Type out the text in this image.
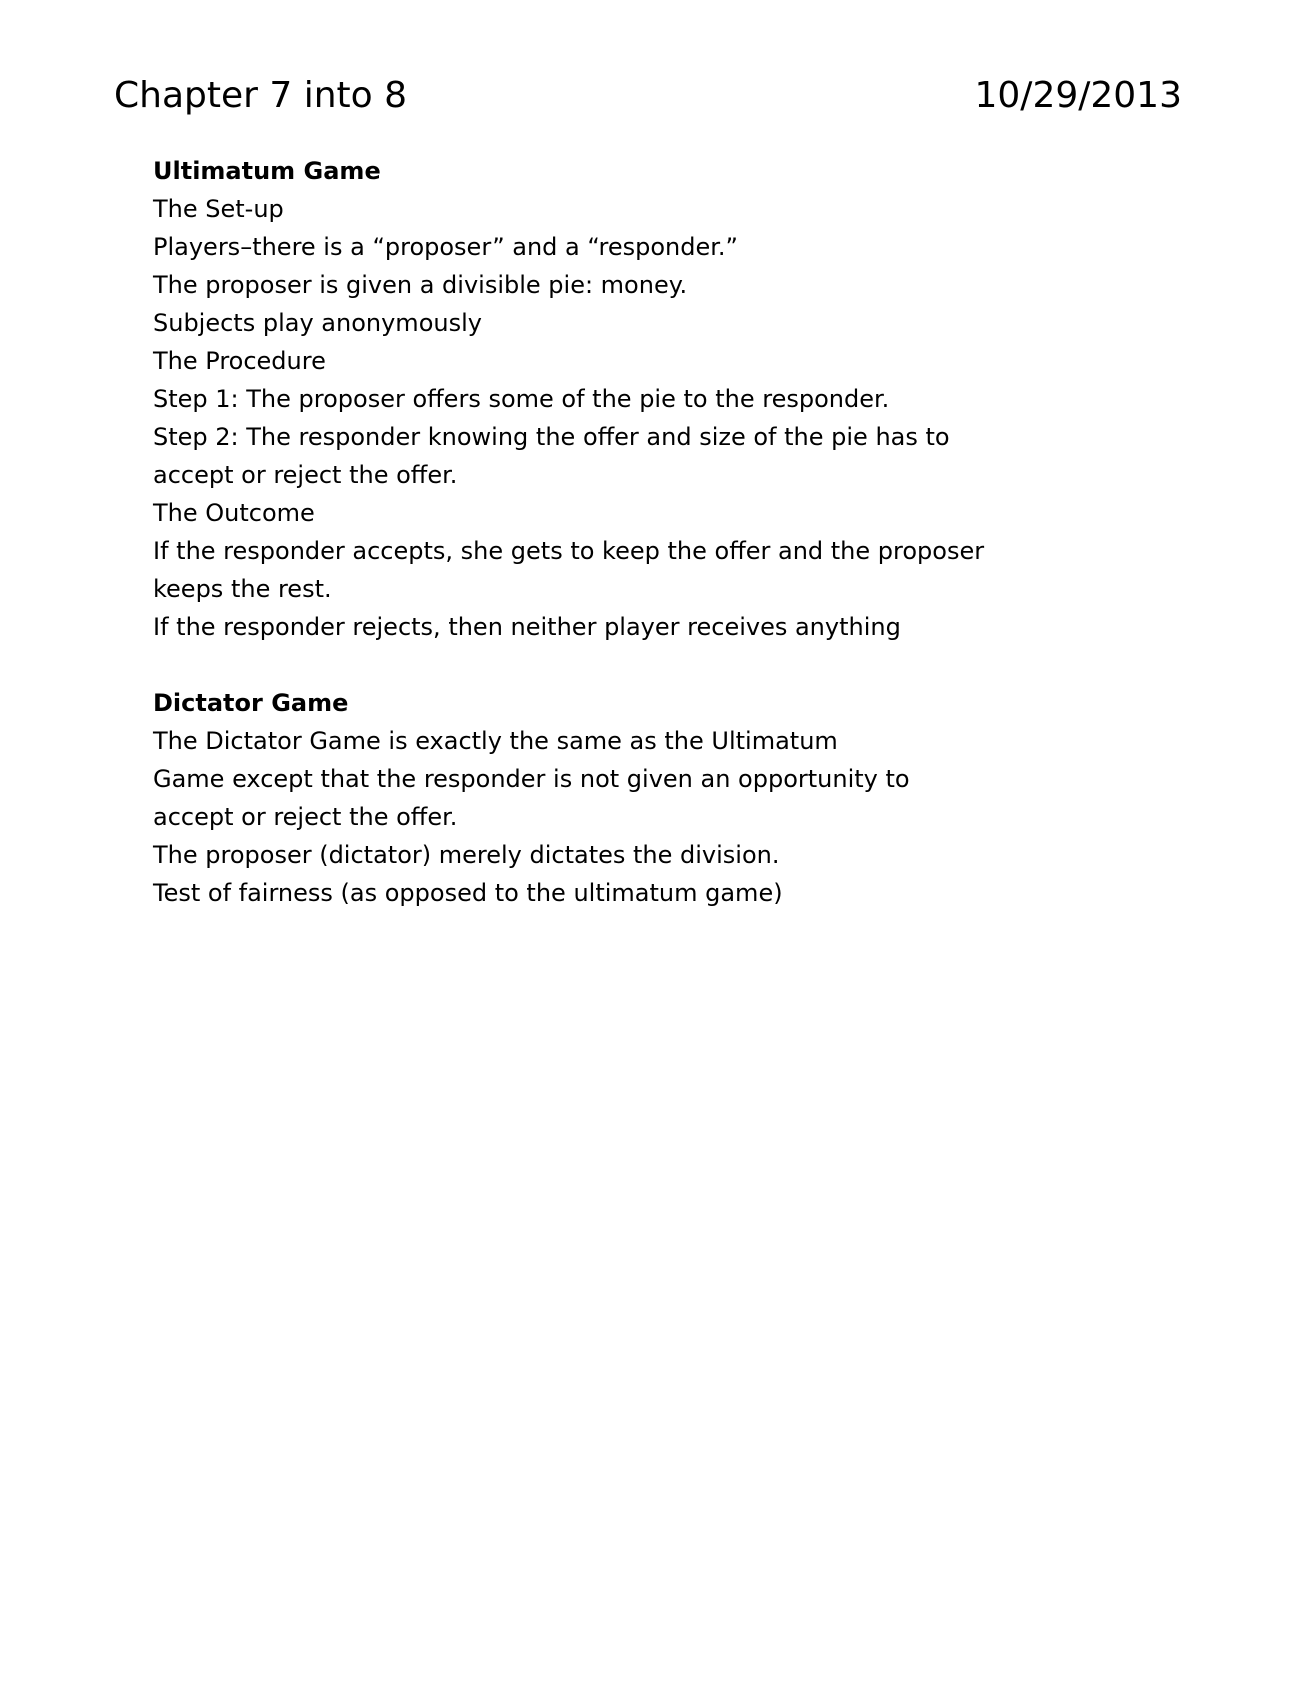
Chapter 7 into 8	10/29/2013

Ultimatum Game

The Set-up

Players–there is a “proposer” and a “responder.”

The proposer is given a divisible pie: money.

Subjects play anonymously

The Procedure

Step 1: The proposer offers some of the pie to the responder.

Step 2: The responder knowing the offer and size of the pie has to

accept or reject the offer.

The Outcome

If the responder accepts, she gets to keep the offer and the proposer

keeps the rest.

If the responder rejects, then neither player receives anything

Dictator Game

The Dictator Game is exactly the same as the Ultimatum

Game except that the responder is not given an opportunity to

accept or reject the offer.

The proposer (dictator) merely dictates the division.

Test of fairness (as opposed to the ultimatum game)
